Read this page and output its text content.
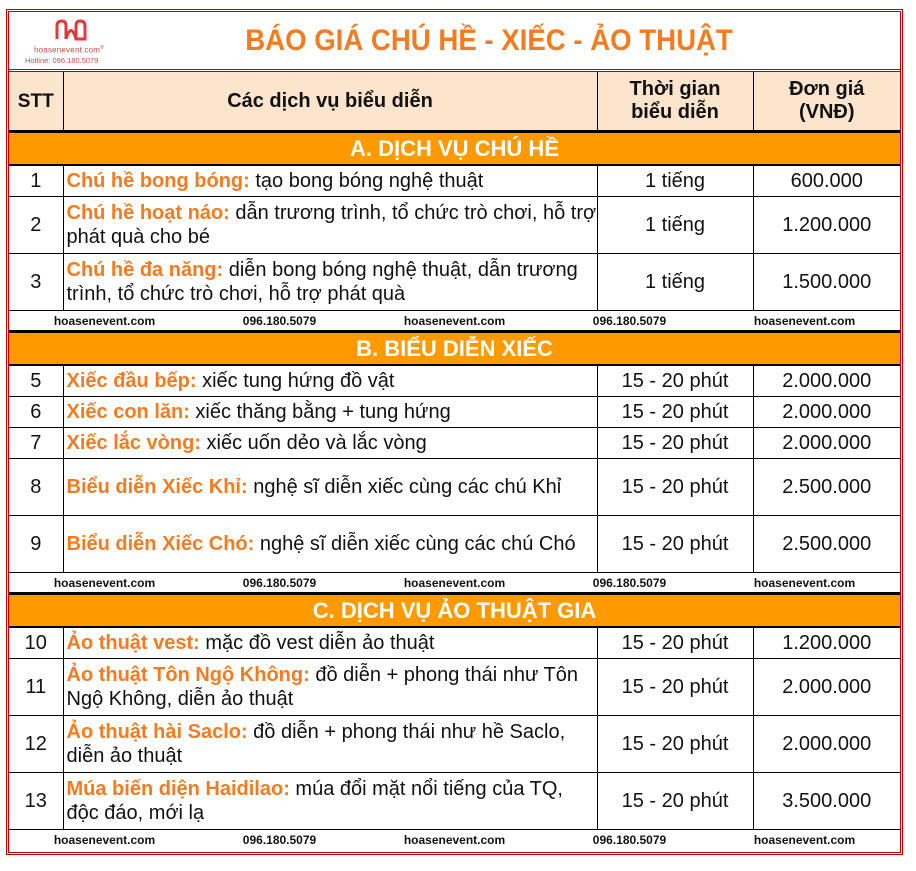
hoasenevent.com®
Hotline: 096.180.5079
BÁO GIÁ CHÚ HỀ - XIẾC - ẢO THUẬT			

STT	Các dịch vụ biểu diễn	Thời gian biểu diễn	Đơn giá (VNĐ)

A. DỊCH VỤ CHÚ HỀ			
1	Chú hề bong bóng: tạo bong bóng nghệ thuật	1 tiếng	600.000
2	Chú hề hoạt náo: dẫn trương trình, tổ chức trò chơi, hỗ trợ phát quà cho bé	1 tiếng	1.200.000
3	Chú hề đa năng: diễn bong bóng nghệ thuật, dẫn trương trình, tổ chức trò chơi, hỗ trợ phát quà	1 tiếng	1.500.000

hoasenevent.com 096.180.5079 hoasenevent.com 096.180.5079 hoasenevent.com			

B. BIỂU DIỄN XIẾC			
5	Xiếc đầu bếp: xiếc tung hứng đồ vật	15 - 20 phút	2.000.000
6	Xiếc con lăn: xiếc thăng bằng + tung hứng	15 - 20 phút	2.000.000
7	Xiếc lắc vòng: xiếc uốn dẻo và lắc vòng	15 - 20 phút	2.000.000
8	Biểu diễn Xiếc Khỉ: nghệ sĩ diễn xiếc cùng các chú Khỉ	15 - 20 phút	2.500.000
9	Biểu diễn Xiếc Chó: nghệ sĩ diễn xiếc cùng các chú Chó	15 - 20 phút	2.500.000

hoasenevent.com 096.180.5079 hoasenevent.com 096.180.5079 hoasenevent.com			

C. DỊCH VỤ ẢO THUẬT GIA			
10	Ảo thuật vest: mặc đồ vest diễn ảo thuật	15 - 20 phút	1.200.000
11	Ảo thuật Tôn Ngộ Không: đồ diễn + phong thái như Tôn Ngộ Không, diễn ảo thuật	15 - 20 phút	2.000.000
12	Ảo thuật hài Saclo: đồ diễn + phong thái như hề Saclo, diễn ảo thuật	15 - 20 phút	2.000.000
13	Múa biến diện Haidilao: múa đổi mặt nổi tiếng của TQ, độc đáo, mới lạ	15 - 20 phút	3.500.000

hoasenevent.com 096.180.5079 hoasenevent.com 096.180.5079 hoasenevent.com			
